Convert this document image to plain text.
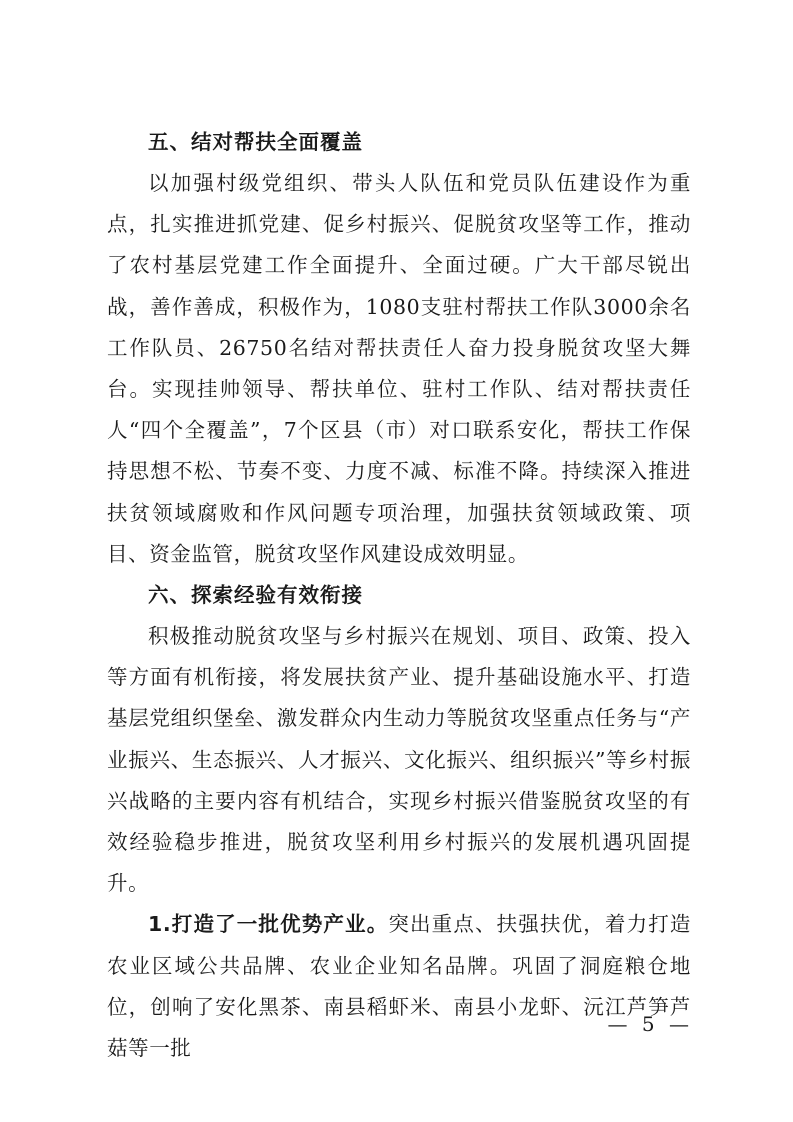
五、结对帮扶全面覆盖

以加强村级党组织、带头人队伍和党员队伍建设作为重点，扎实推进抓党建、促乡村振兴、促脱贫攻坚等工作，推动了农村基层党建工作全面提升、全面过硬。广大干部尽锐出战，善作善成，积极作为，1080支驻村帮扶工作队3000余名工作队员、26750名结对帮扶责任人奋力投身脱贫攻坚大舞台。实现挂帅领导、帮扶单位、驻村工作队、结对帮扶责任人“四个全覆盖”，7个区县（市）对口联系安化，帮扶工作保持思想不松、节奏不变、力度不减、标准不降。持续深入推进扶贫领域腐败和作风问题专项治理，加强扶贫领域政策、项目、资金监管，脱贫攻坚作风建设成效明显。

六、探索经验有效衔接

积极推动脱贫攻坚与乡村振兴在规划、项目、政策、投入等方面有机衔接，将发展扶贫产业、提升基础设施水平、打造基层党组织堡垒、激发群众内生动力等脱贫攻坚重点任务与“产业振兴、生态振兴、人才振兴、文化振兴、组织振兴”等乡村振兴战略的主要内容有机结合，实现乡村振兴借鉴脱贫攻坚的有效经验稳步推进，脱贫攻坚利用乡村振兴的发展机遇巩固提升。

1.打造了一批优势产业。突出重点、扶强扶优，着力打造农业区域公共品牌、农业企业知名品牌。巩固了洞庭粮仓地位，创响了安化黑茶、南县稻虾米、南县小龙虾、沅江芦笋芦菇等一批

— 5 —
